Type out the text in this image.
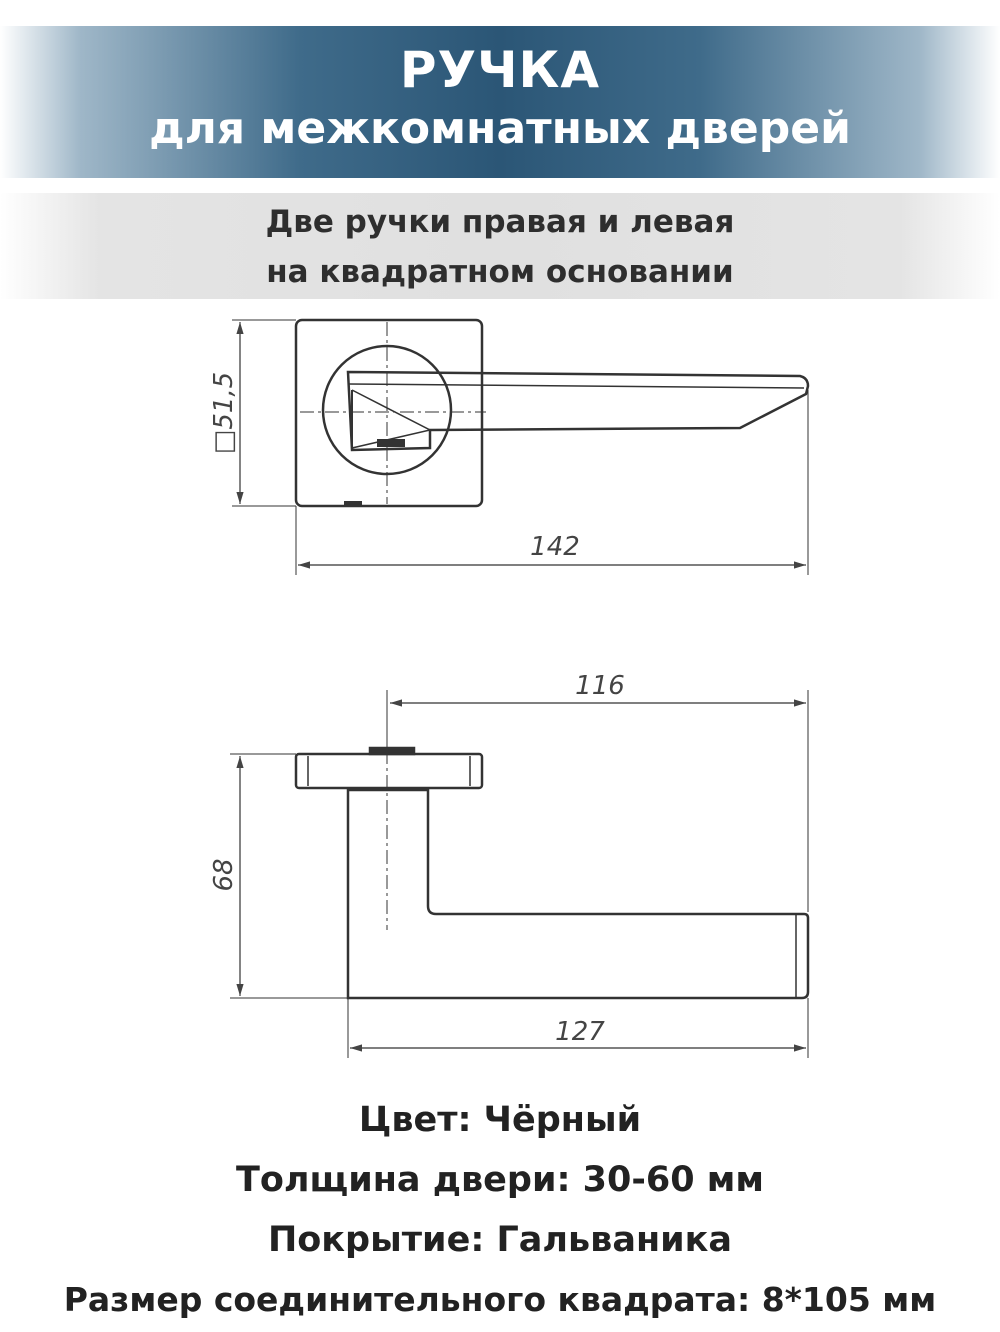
РУЧКА
для межкомнатных дверей
Две ручки правая и левая
на квадратном основании
□51,5
142
116
68
127
Цвет: Чёрный
Толщина двери: 30-60 мм
Покрытие: Гальваника
Размер соединительного квадрата: 8*105 мм
